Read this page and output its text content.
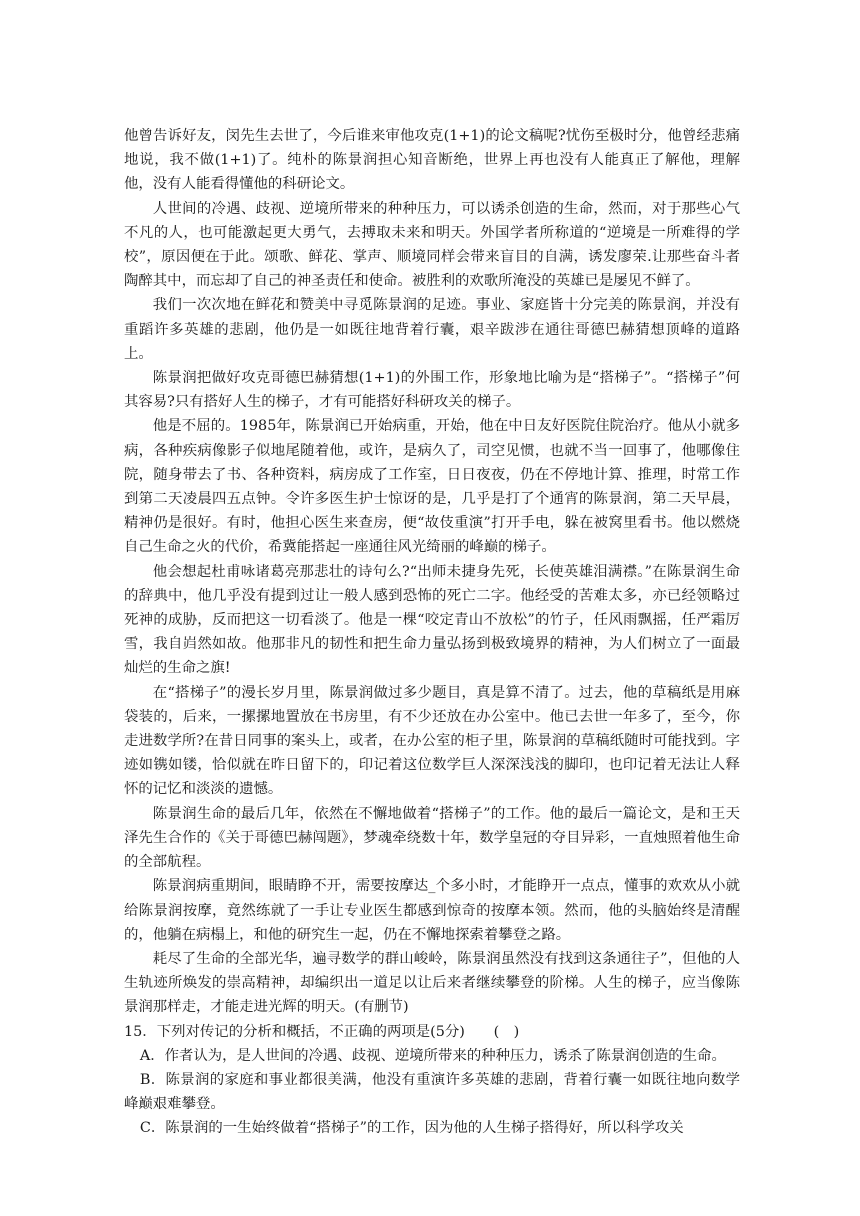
他曾告诉好友，闵先生去世了，今后谁来审他攻克(1+1)的论文稿呢?忧伤至极时分，他曾经悲痛地说，我不做(1+1)了。纯朴的陈景润担心知音断绝，世界上再也没有人能真正了解他，理解他，没有人能看得懂他的科研论文。

人世间的冷遇、歧视、逆境所带来的种种压力，可以诱杀创造的生命，然而，对于那些心气不凡的人，也可能激起更大勇气，去搏取未来和明天。外国学者所称道的“逆境是一所难得的学校”，原因便在于此。颂歌、鲜花、掌声、顺境同样会带来盲目的自满，诱发廖荣.让那些奋斗者陶醉其中，而忘却了自己的神圣责任和使命。被胜利的欢歌所淹没的英雄已是屡见不鲜了。

我们一次次地在鲜花和赞美中寻觅陈景润的足迹。事业、家庭皆十分完美的陈景润，并没有重蹈许多英雄的悲剧，他仍是一如既往地背着行囊，艰辛跋涉在通往哥德巴赫猜想顶峰的道路上。

陈景润把做好攻克哥德巴赫猜想(1+1)的外围工作，形象地比喻为是“搭梯子”。“搭梯子”何其容易?只有搭好人生的梯子，才有可能搭好科研攻关的梯子。

他是不屈的。1985年，陈景润已开始病重，开始，他在中日友好医院住院治疗。他从小就多病，各种疾病像影子似地尾随着他，或许，是病久了，司空见惯，也就不当一回事了，他哪像住院，随身带去了书、各种资料，病房成了工作室，日日夜夜，仍在不停地计算、推理，时常工作到第二天凌晨四五点钟。令许多医生护士惊讶的是，几乎是打了个通宵的陈景润，第二天早晨，精神仍是很好。有时，他担心医生来查房，便“故伎重演”打开手电，躲在被窝里看书。他以燃烧自己生命之火的代价，希冀能搭起一座通往风光绮丽的峰巅的梯子。

他会想起杜甫咏诸葛亮那悲壮的诗句么?“出师未捷身先死，长使英雄泪满襟。”在陈景润生命的辞典中，他几乎没有提到过让一般人感到恐怖的死亡二字。他经受的苦难太多，亦已经领略过死神的成胁，反而把这一切看淡了。他是一棵“咬定青山不放松”的竹子，任风雨飘摇，任严霜厉雪，我自岿然如故。他那非凡的韧性和把生命力量弘扬到极致境界的精神，为人们树立了一面最灿烂的生命之旗!

在“搭梯子”的漫长岁月里，陈景润做过多少题目，真是算不清了。过去，他的草稿纸是用麻袋装的，后来，一摞摞地置放在书房里，有不少还放在办公室中。他已去世一年多了，至今，你走进数学所?在昔日同事的案头上，或者，在办公室的柜子里，陈景润的草稿纸随时可能找到。字迹如镌如镂，恰似就在昨日留下的，印记着这位数学巨人深深浅浅的脚印，也印记着无法让人释怀的记忆和淡淡的遗憾。

陈景润生命的最后几年，依然在不懈地做着“搭梯子”的工作。他的最后一篇论文，是和王天泽先生合作的《关于哥德巴赫闯题》，梦魂牵绕数十年，数学皇冠的夺目异彩，一直烛照着他生命的全部航程。

陈景润病重期间，眼睛睁不开，需要按摩达_个多小时，才能睁开一点点，懂事的欢欢从小就给陈景润按摩，竟然练就了一手让专业医生都感到惊奇的按摩本领。然而，他的头脑始终是清醒的，他躺在病榻上，和他的研究生一起，仍在不懈地探索着攀登之路。

耗尽了生命的全部光华，遍寻数学的群山峻岭，陈景润虽然没有找到这条通往子”，但他的人生轨迹所焕发的崇高精神，却编织出一道足以让后来者继续攀登的阶梯。人生的梯子，应当像陈景润那样走，才能走进光辉的明天。(有删节)

15．下列对传记的分析和概括，不正确的两项是(5分)　　(　)

A．作者认为，是人世间的冷遇、歧视、逆境所带来的种种压力，诱杀了陈景润创造的生命。

B．陈景润的家庭和事业都很美满，他没有重演许多英雄的悲剧，背着行囊一如既往地向数学峰巅艰难攀登。

C．陈景润的一生始终做着“搭梯子”的工作，因为他的人生梯子搭得好，所以科学攻关
